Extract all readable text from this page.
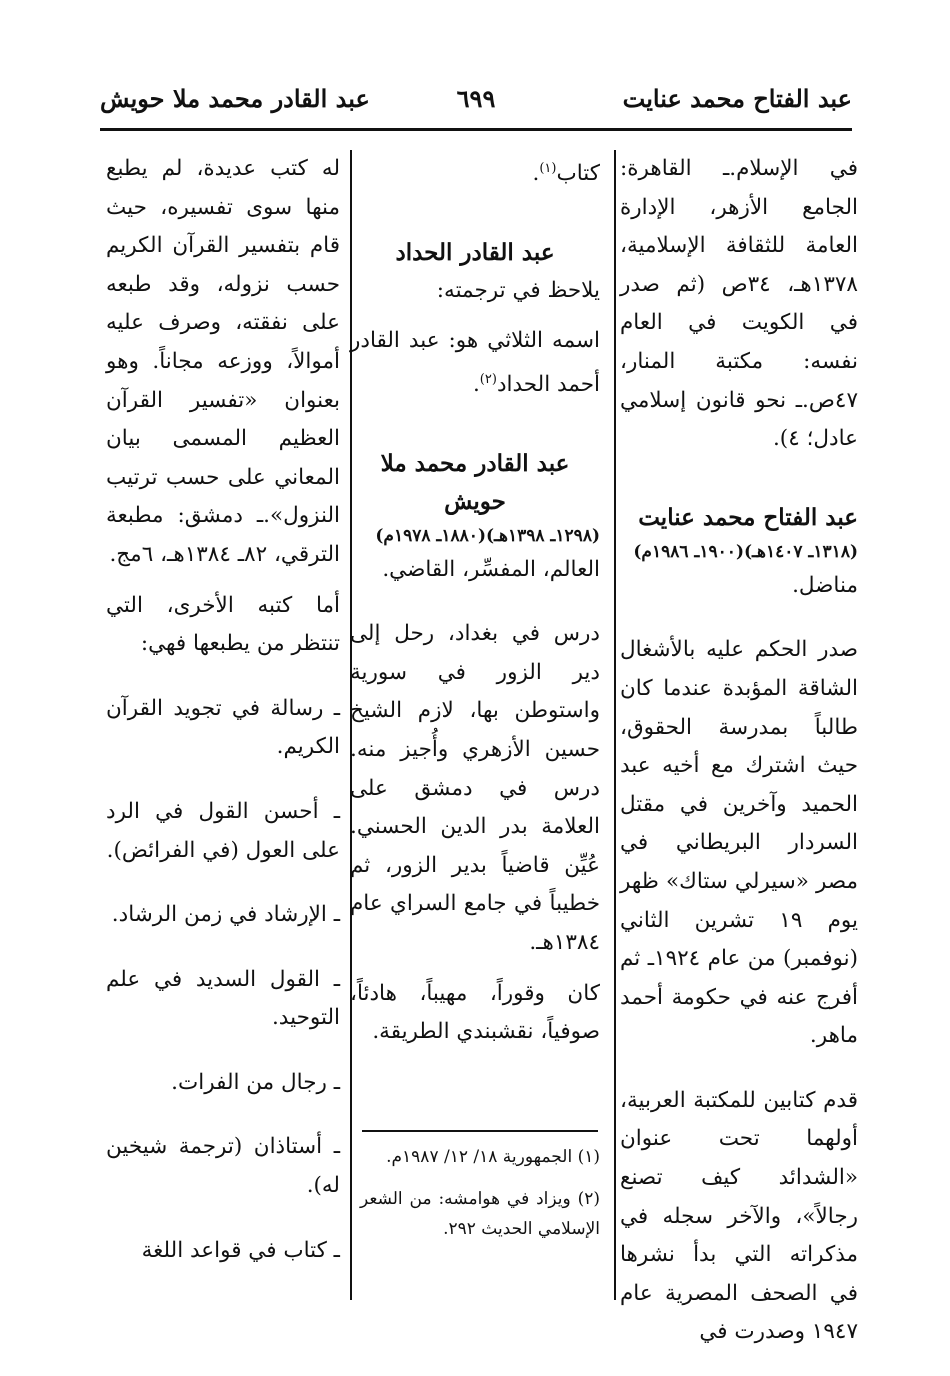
عبد الفتاح محمد عنايت
٦٩٩
عبد القادر محمد ملا حويش

في الإسلام.ـ القاهرة: الجامع الأزهر، الإدارة العامة للثقافة الإسلامية، ١٣٧٨هـ، ٣٤ص (ثم صدر في الكويت في العام نفسه: مكتبة المنار، ٤٧ص.ـ نحو قانون إسلامي عادل؛ ٤).

عبد الفتاح محمد عنايت

(١٣١٨ـ ١٤٠٧هـ)(١٩٠٠ـ ١٩٨٦م)

مناضل.

صدر الحكم عليه بالأشغال الشاقة المؤبدة عندما كان طالباً بمدرسة الحقوق، حيث اشترك مع أخيه عبد الحميد وآخرين في مقتل السردار البريطاني في مصر «سيرلي ستاك» ظهر يوم ١٩ تشرين الثاني (نوفمبر) من عام ١٩٢٤ـ ثم أفرج عنه في حكومة أحمد ماهر.

قدم كتابين للمكتبة العربية، أولهما تحت عنوان «الشدائد كيف تصنع رجالاً»، والآخر سجله في مذكراته التي بدأ نشرها في الصحف المصرية عام ١٩٤٧ وصدرت في

كتاب$^{(١)}$.

عبد القادر الحداد

يلاحظ في ترجمته:

اسمه الثلاثي هو: عبد القادر أحمد الحداد$^{(٢)}$.

عبد القادر محمد ملا حويش

(١٢٩٨ـ ١٣٩٨هـ)(١٨٨٠ـ ١٩٧٨م)

العالم، المفسِّر، القاضي.

درس في بغداد، رحل إلى دير الزور في سورية واستوطن بها، لازم الشيخ حسين الأزهري وأُجيز منه. درس في دمشق على العلامة بدر الدين الحسني. عُيِّن قاضياً بدير الزور، ثم خطيباً في جامع السراي عام ١٣٨٤هـ.

كان وقوراً، مهيباً، هادئاً، صوفياً، نقشبندي الطريقة.

(١) الجمهورية ١٨/ ١٢/ ١٩٨٧م.

(٢) ويزاد في هوامشه: من الشعر الإسلامي الحديث ٢٩٢.

له كتب عديدة، لم يطبع منها سوى تفسيره، حيث قام بتفسير القرآن الكريم حسب نزوله، وقد طبعه على نفقته، وصرف عليه أموالاً، ووزعه مجاناً. وهو بعنوان «تفسير القرآن العظيم المسمى بيان المعاني على حسب ترتيب النزول».ـ دمشق: مطبعة الترقي، ٨٢ـ ١٣٨٤هـ، ٦مج.

أما كتبه الأخرى، التي تنتظر من يطبعها فهي:

ـ رسالة في تجويد القرآن الكريم.

ـ أحسن القول في الرد على العول (في الفرائض).

ـ الإرشاد في زمن الرشاد.

ـ القول السديد في علم التوحيد.

ـ رجال من الفرات.

ـ أستاذان (ترجمة شيخين له).

ـ كتاب في قواعد اللغة
